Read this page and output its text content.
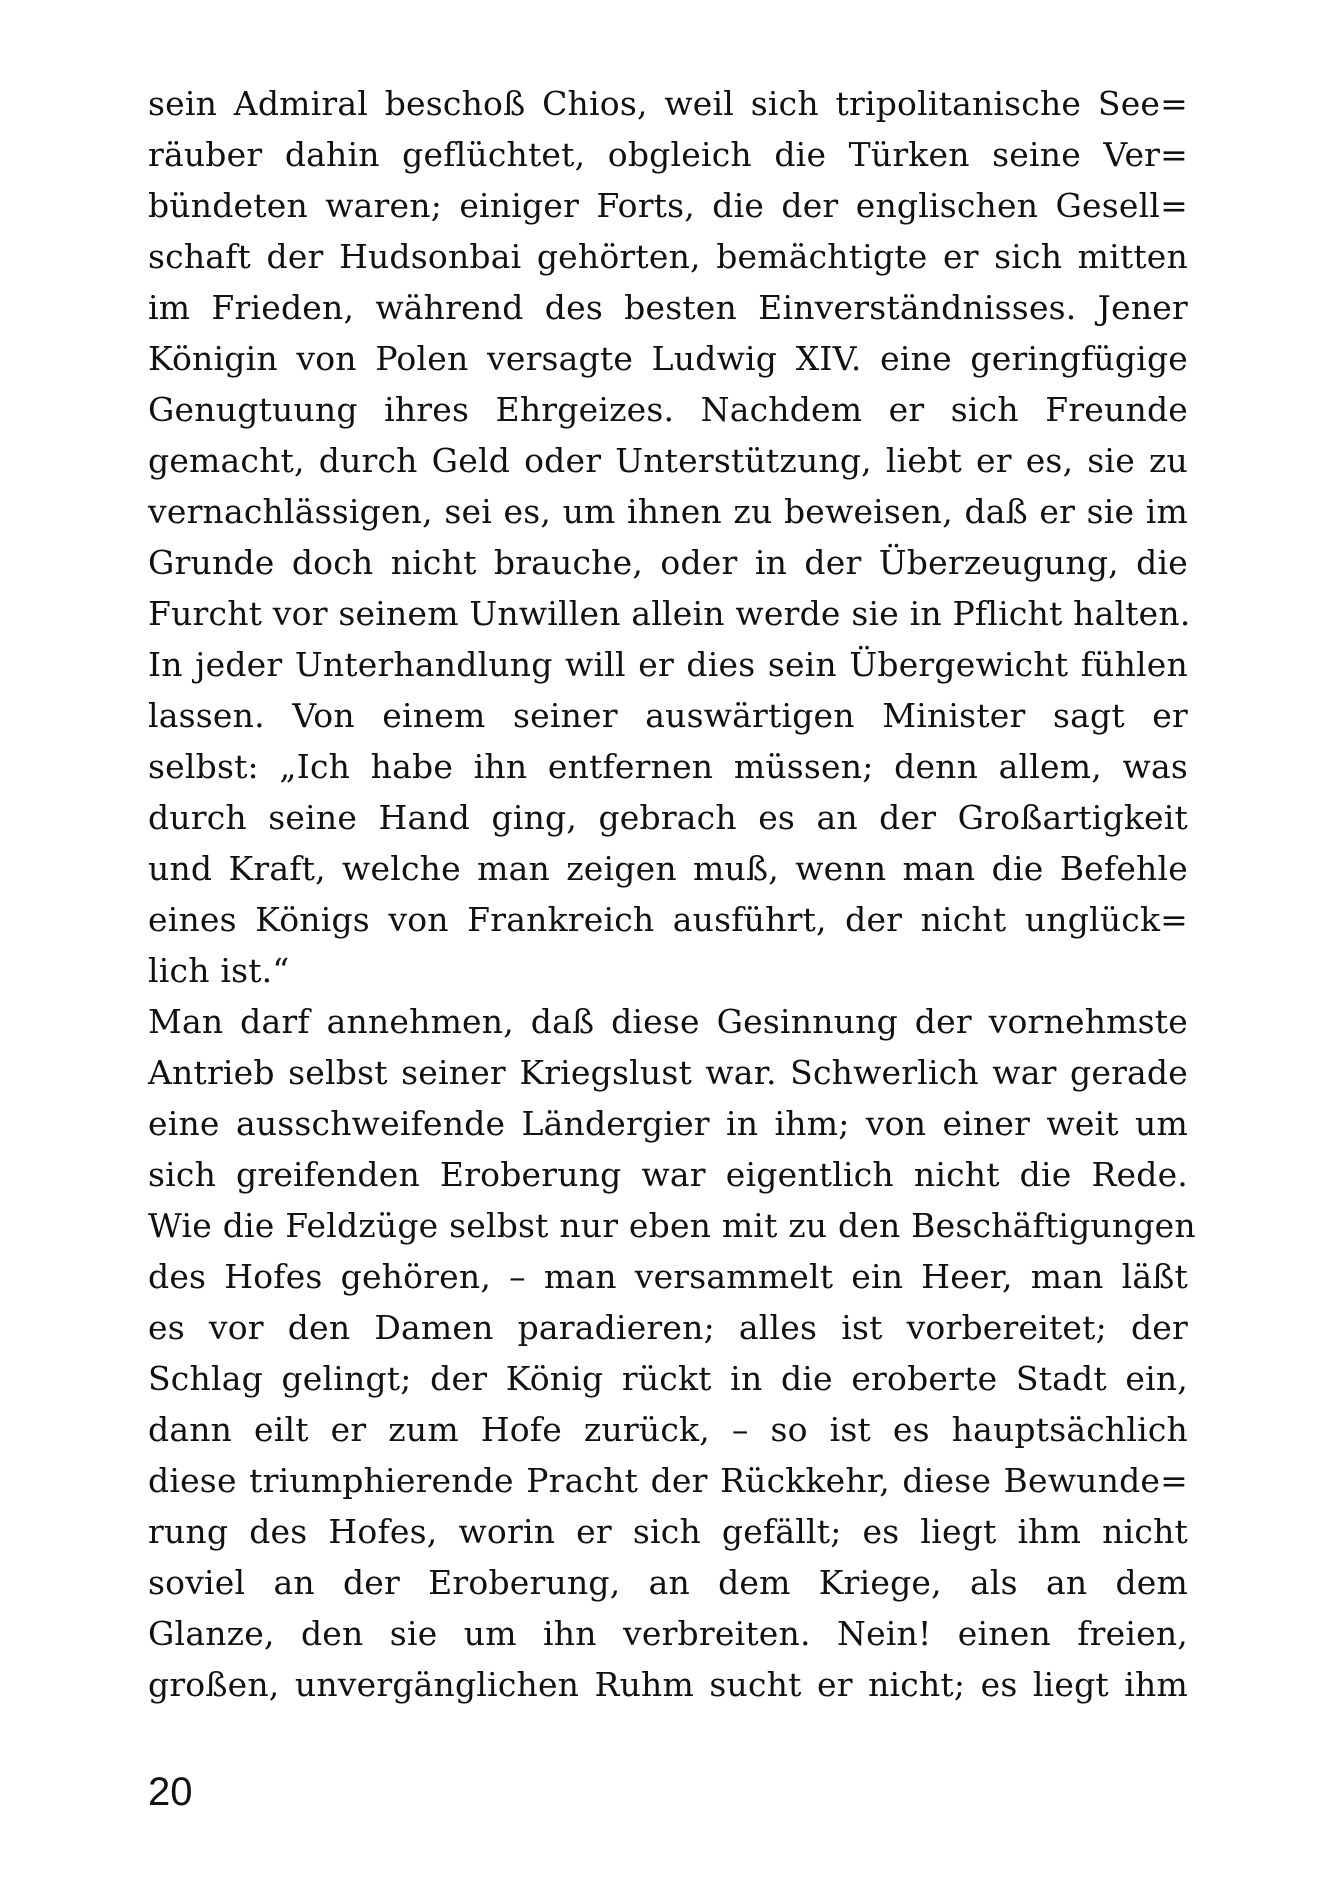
sein Admiral beschoß Chios, weil sich tripolitanische See=
räuber dahin geflüchtet, obgleich die Türken seine Ver=
bündeten waren; einiger Forts, die der englischen Gesell=
schaft der Hudsonbai gehörten, bemächtigte er sich mitten
im Frieden, während des besten Einverständnisses. Jener
Königin von Polen versagte Ludwig XIV. eine geringfügige
Genugtuung ihres Ehrgeizes. Nachdem er sich Freunde
gemacht, durch Geld oder Unterstützung, liebt er es, sie zu
vernachlässigen, sei es, um ihnen zu beweisen, daß er sie im
Grunde doch nicht brauche, oder in der Überzeugung, die
Furcht vor seinem Unwillen allein werde sie in Pflicht halten.
In jeder Unterhandlung will er dies sein Übergewicht fühlen
lassen. Von einem seiner auswärtigen Minister sagt er
selbst: „Ich habe ihn entfernen müssen; denn allem, was
durch seine Hand ging, gebrach es an der Großartigkeit
und Kraft, welche man zeigen muß, wenn man die Befehle
eines Königs von Frankreich ausführt, der nicht unglück=
lich ist.“
Man darf annehmen, daß diese Gesinnung der vornehmste
Antrieb selbst seiner Kriegslust war. Schwerlich war gerade
eine ausschweifende Ländergier in ihm; von einer weit um
sich greifenden Eroberung war eigentlich nicht die Rede.
Wie die Feldzüge selbst nur eben mit zu den Beschäftigungen
des Hofes gehören, – man versammelt ein Heer, man läßt
es vor den Damen paradieren; alles ist vorbereitet; der
Schlag gelingt; der König rückt in die eroberte Stadt ein,
dann eilt er zum Hofe zurück, – so ist es hauptsächlich
diese triumphierende Pracht der Rückkehr, diese Bewunde=
rung des Hofes, worin er sich gefällt; es liegt ihm nicht
soviel an der Eroberung, an dem Kriege, als an dem
Glanze, den sie um ihn verbreiten. Nein! einen freien,
großen, unvergänglichen Ruhm sucht er nicht; es liegt ihm
20
